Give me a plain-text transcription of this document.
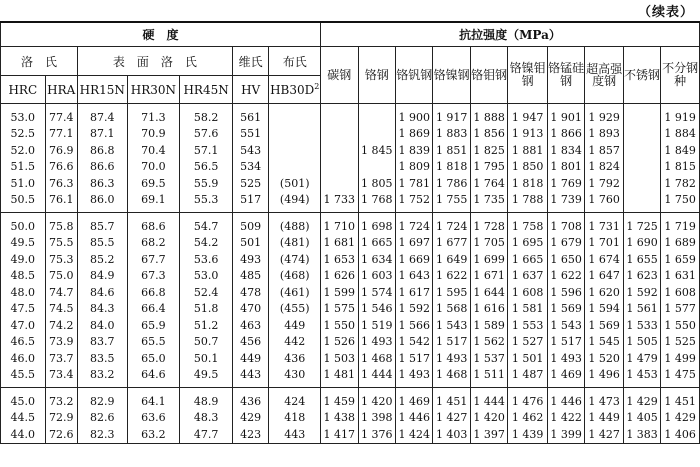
（续表）
硬　度							抗拉强度（MPa）									
洛　氏		表　面　洛　氏			维氏	布氏	碳钢	铬钢	铬钒钢	铬镍钢	铬钼钢	铬镍钼钢	铬锰硅钢	超高强度钢	不锈钢	不分钢种
HRC	HRA	HR15N	HR30N	HR45N	HV	$HB30D^2$
53.0	77.4	87.4	71.3	58.2	561				1 900	1 917	1 888	1 947	1 901	1 929		1 919
52.5	77.1	87.1	70.9	57.6	551				1 869	1 883	1 856	1 913	1 866	1 893		1 884
52.0	76.9	86.8	70.4	57.1	543			1 845	1 839	1 851	1 825	1 881	1 834	1 857		1 849
51.5	76.6	86.6	70.0	56.5	534				1 809	1 818	1 795	1 850	1 801	1 824		1 815
51.0	76.3	86.3	69.5	55.9	525	(501)		1 805	1 781	1 786	1 764	1 818	1 769	1 792		1 782
50.5	76.1	86.0	69.1	55.3	517	(494)	1 733	1 768	1 752	1 755	1 735	1 788	1 739	1 760		1 750
50.0	75.8	85.7	68.6	54.7	509	(488)	1 710	1 698	1 724	1 724	1 728	1 758	1 708	1 731	1 725	1 719
49.5	75.5	85.5	68.2	54.2	501	(481)	1 681	1 665	1 697	1 677	1 705	1 695	1 679	1 701	1 690	1 689
49.0	75.3	85.2	67.7	53.6	493	(474)	1 653	1 634	1 669	1 649	1 699	1 665	1 650	1 674	1 655	1 659
48.5	75.0	84.9	67.3	53.0	485	(468)	1 626	1 603	1 643	1 622	1 671	1 637	1 622	1 647	1 623	1 631
48.0	74.7	84.6	66.8	52.4	478	(461)	1 599	1 574	1 617	1 595	1 644	1 608	1 596	1 620	1 592	1 608
47.5	74.5	84.3	66.4	51.8	470	(455)	1 575	1 546	1 592	1 568	1 616	1 581	1 569	1 594	1 561	1 577
47.0	74.2	84.0	65.9	51.2	463	449	1 550	1 519	1 566	1 543	1 589	1 553	1 543	1 569	1 533	1 550
46.5	73.9	83.7	65.5	50.7	456	442	1 526	1 493	1 542	1 517	1 562	1 527	1 517	1 545	1 505	1 525
46.0	73.7	83.5	65.0	50.1	449	436	1 503	1 468	1 517	1 493	1 537	1 501	1 493	1 520	1 479	1 499
45.5	73.4	83.2	64.6	49.5	443	430	1 481	1 444	1 493	1 468	1 511	1 487	1 469	1 496	1 453	1 475
45.0	73.2	82.9	64.1	48.9	436	424	1 459	1 420	1 469	1 451	1 444	1 476	1 446	1 473	1 429	1 451
44.5	72.9	82.6	63.6	48.3	429	418	1 438	1 398	1 446	1 427	1 420	1 462	1 422	1 449	1 405	1 429
44.0	72.6	82.3	63.2	47.7	423	443	1 417	1 376	1 424	1 403	1 397	1 439	1 399	1 427	1 383	1 406
